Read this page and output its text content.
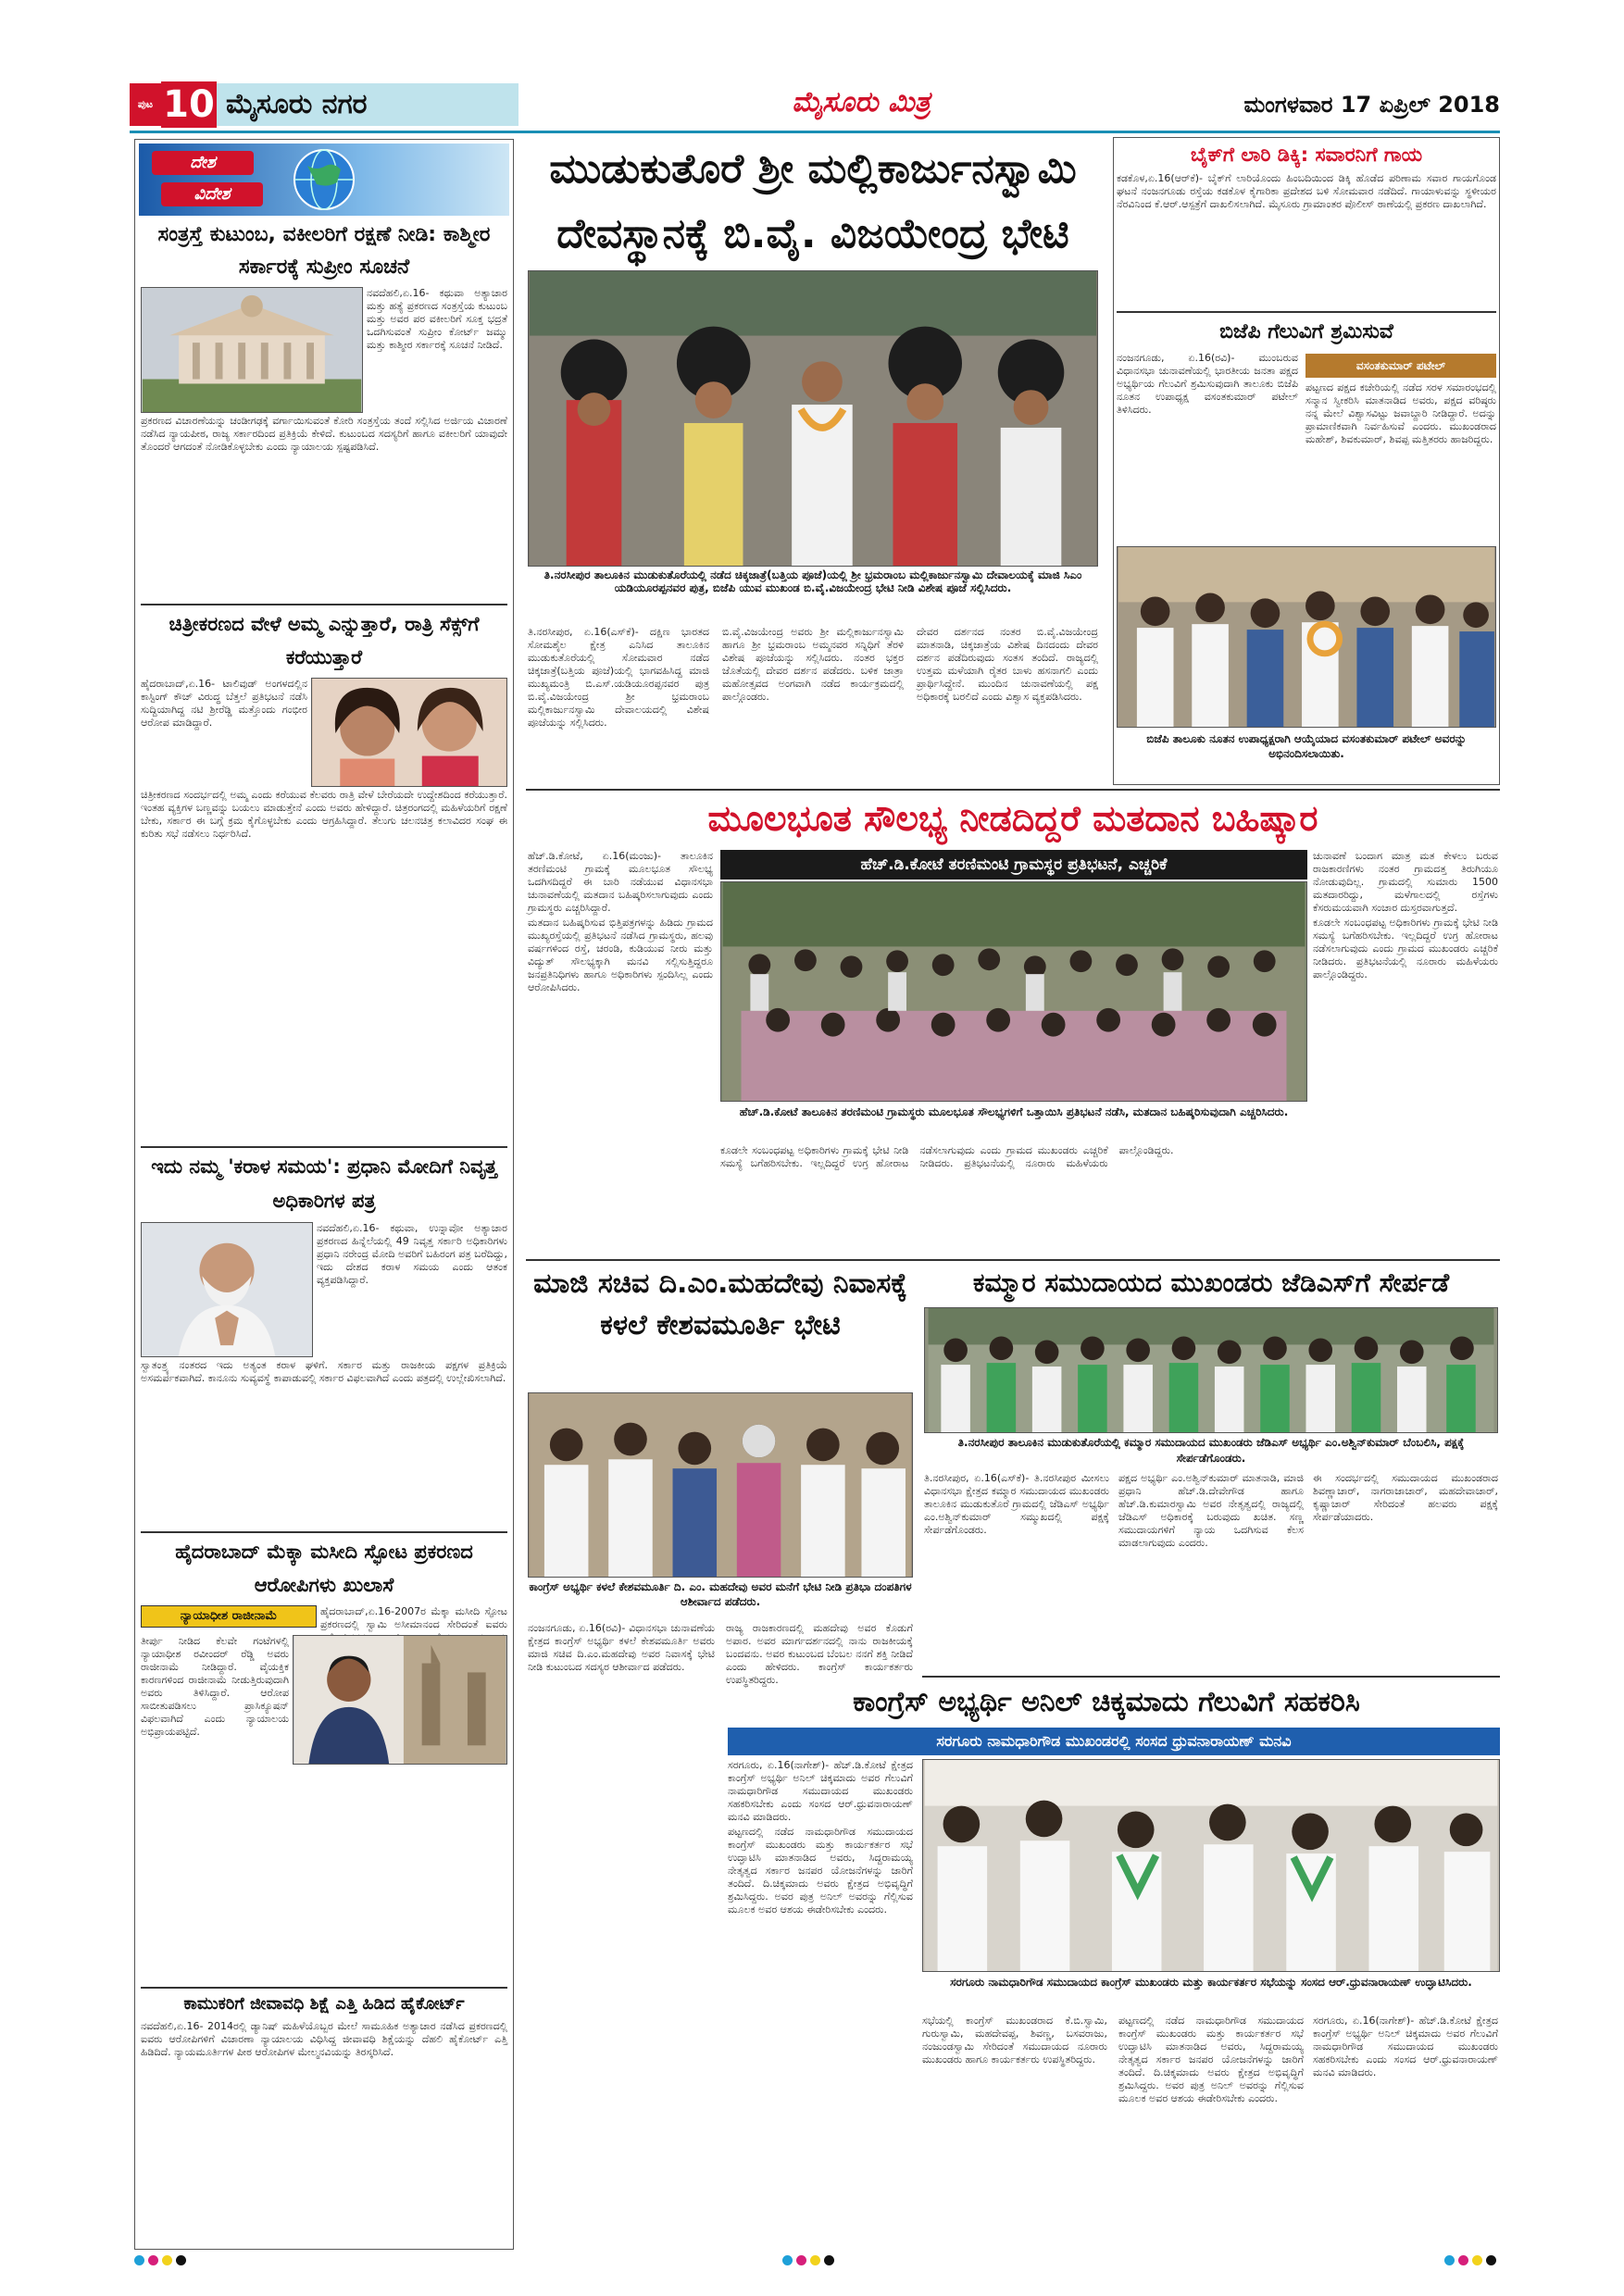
ಪುಟ 10 ಮೈಸೂರು ನಗರ	ಮೈಸೂರು ಮಿತ್ರ	ಮಂಗಳವಾರ 17 ಏಪ್ರಿಲ್ 2018
ದೇಶ
ವಿದೇಶ
ಸಂತ್ರಸ್ತೆ ಕುಟುಂಬ, ವಕೀಲರಿಗೆ ರಕ್ಷಣೆ ನೀಡಿ: ಕಾಶ್ಮೀರ ಸರ್ಕಾರಕ್ಕೆ ಸುಪ್ರೀಂ ಸೂಚನೆ

ನವದೆಹಲಿ,ಏ.16- ಕಥುವಾ ಅತ್ಯಾಚಾರ ಮತ್ತು ಹತ್ಯೆ ಪ್ರಕರಣದ ಸಂತ್ರಸ್ತೆಯ ಕುಟುಂಬ ಮತ್ತು ಅವರ ಪರ ವಕೀಲರಿಗೆ ಸೂಕ್ತ ಭದ್ರತೆ ಒದಗಿಸುವಂತೆ ಸುಪ್ರೀಂ ಕೋರ್ಟ್ ಜಮ್ಮು ಮತ್ತು ಕಾಶ್ಮೀರ ಸರ್ಕಾರಕ್ಕೆ ಸೂಚನೆ ನೀಡಿದೆ.

ಪ್ರಕರಣದ ವಿಚಾರಣೆಯನ್ನು ಚಂಡೀಗಢಕ್ಕೆ ವರ್ಗಾಯಿಸುವಂತೆ ಕೋರಿ ಸಂತ್ರಸ್ತೆಯ ತಂದೆ ಸಲ್ಲಿಸಿದ ಅರ್ಜಿಯ ವಿಚಾರಣೆ ನಡೆಸಿದ ನ್ಯಾಯಪೀಠ, ರಾಜ್ಯ ಸರ್ಕಾರದಿಂದ ಪ್ರತಿಕ್ರಿಯೆ ಕೇಳಿದೆ. ಕುಟುಂಬದ ಸದಸ್ಯರಿಗೆ ಹಾಗೂ ವಕೀಲರಿಗೆ ಯಾವುದೇ ತೊಂದರೆ ಆಗದಂತೆ ನೋಡಿಕೊಳ್ಳಬೇಕು ಎಂದು ನ್ಯಾಯಾಲಯ ಸ್ಪಷ್ಟಪಡಿಸಿದೆ.

ಚಿತ್ರೀಕರಣದ ವೇಳೆ ಅಮ್ಮ ಎನ್ನುತ್ತಾರೆ, ರಾತ್ರಿ ಸೆಕ್ಸ್‌ಗೆ ಕರೆಯುತ್ತಾರೆ

ಹೈದರಾಬಾದ್,ಏ.16- ಟಾಲಿವುಡ್ ಅಂಗಳದಲ್ಲಿನ ಕಾಸ್ಟಿಂಗ್ ಕೌಚ್ ವಿರುದ್ಧ ಬೆತ್ತಲೆ ಪ್ರತಿಭಟನೆ ನಡೆಸಿ ಸುದ್ದಿಯಾಗಿದ್ದ ನಟಿ ಶ್ರೀರೆಡ್ಡಿ ಮತ್ತೊಂದು ಗಂಭೀರ ಆರೋಪ ಮಾಡಿದ್ದಾರೆ.

ಚಿತ್ರೀಕರಣದ ಸಂದರ್ಭದಲ್ಲಿ ಅಮ್ಮ ಎಂದು ಕರೆಯುವ ಕೆಲವರು ರಾತ್ರಿ ವೇಳೆ ಬೇರೆಯದೇ ಉದ್ದೇಶದಿಂದ ಕರೆಯುತ್ತಾರೆ. ಇಂತಹ ವ್ಯಕ್ತಿಗಳ ಬಣ್ಣವನ್ನು ಬಯಲು ಮಾಡುತ್ತೇನೆ ಎಂದು ಅವರು ಹೇಳಿದ್ದಾರೆ. ಚಿತ್ರರಂಗದಲ್ಲಿ ಮಹಿಳೆಯರಿಗೆ ರಕ್ಷಣೆ ಬೇಕು, ಸರ್ಕಾರ ಈ ಬಗ್ಗೆ ಕ್ರಮ ಕೈಗೊಳ್ಳಬೇಕು ಎಂದು ಆಗ್ರಹಿಸಿದ್ದಾರೆ. ತೆಲುಗು ಚಲನಚಿತ್ರ ಕಲಾವಿದರ ಸಂಘ ಈ ಕುರಿತು ಸಭೆ ನಡೆಸಲು ನಿರ್ಧರಿಸಿದೆ.

ಇದು ನಮ್ಮ 'ಕರಾಳ ಸಮಯ': ಪ್ರಧಾನಿ ಮೋದಿಗೆ ನಿವೃತ್ತ ಅಧಿಕಾರಿಗಳ ಪತ್ರ

ನವದೆಹಲಿ,ಏ.16- ಕಥುವಾ, ಉನ್ನಾವೋ ಅತ್ಯಾಚಾರ ಪ್ರಕರಣದ ಹಿನ್ನೆಲೆಯಲ್ಲಿ 49 ನಿವೃತ್ತ ಸರ್ಕಾರಿ ಅಧಿಕಾರಿಗಳು ಪ್ರಧಾನಿ ನರೇಂದ್ರ ಮೋದಿ ಅವರಿಗೆ ಬಹಿರಂಗ ಪತ್ರ ಬರೆದಿದ್ದು, ಇದು ದೇಶದ ಕರಾಳ ಸಮಯ ಎಂದು ಆತಂಕ ವ್ಯಕ್ತಪಡಿಸಿದ್ದಾರೆ.

ಸ್ವಾತಂತ್ರ್ಯ ನಂತರದ ಇದು ಅತ್ಯಂತ ಕರಾಳ ಘಳಿಗೆ. ಸರ್ಕಾರ ಮತ್ತು ರಾಜಕೀಯ ಪಕ್ಷಗಳ ಪ್ರತಿಕ್ರಿಯೆ ಅಸಮರ್ಪಕವಾಗಿದೆ. ಕಾನೂನು ಸುವ್ಯವಸ್ಥೆ ಕಾಪಾಡುವಲ್ಲಿ ಸರ್ಕಾರ ವಿಫಲವಾಗಿದೆ ಎಂದು ಪತ್ರದಲ್ಲಿ ಉಲ್ಲೇಖಿಸಲಾಗಿದೆ.

ಹೈದರಾಬಾದ್ ಮೆಕ್ಕಾ ಮಸೀದಿ ಸ್ಫೋಟ ಪ್ರಕರಣದ ಆರೋಪಿಗಳು ಖುಲಾಸೆ
ನ್ಯಾಯಾಧೀಶ ರಾಜೀನಾಮೆ	ಹೈದರಾಬಾದ್,ಏ.16-2007ರ ಮೆಕ್ಕಾ ಮಸೀದಿ ಸ್ಫೋಟ ಪ್ರಕರಣದಲ್ಲಿ ಸ್ವಾಮಿ ಅಸೀಮಾನಂದ ಸೇರಿದಂತೆ ಐವರು

ತೀರ್ಪು ನೀಡಿದ ಕೆಲವೇ ಗಂಟೆಗಳಲ್ಲಿ ನ್ಯಾಯಾಧೀಶ ರವೀಂದರ್ ರೆಡ್ಡಿ ಅವರು ರಾಜೀನಾಮೆ ನೀಡಿದ್ದಾರೆ. ವೈಯಕ್ತಿಕ ಕಾರಣಗಳಿಂದ ರಾಜೀನಾಮೆ ನೀಡುತ್ತಿರುವುದಾಗಿ ಅವರು ತಿಳಿಸಿದ್ದಾರೆ. ಆರೋಪ ಸಾಬೀತುಪಡಿಸಲು ಪ್ರಾಸಿಕ್ಯೂಷನ್ ವಿಫಲವಾಗಿದೆ ಎಂದು ನ್ಯಾಯಾಲಯ ಅಭಿಪ್ರಾಯಪಟ್ಟಿದೆ.

ಕಾಮುಕರಿಗೆ ಜೀವಾವಧಿ ಶಿಕ್ಷೆ ಎತ್ತಿ ಹಿಡಿದ ಹೈಕೋರ್ಟ್

ನವದೆಹಲಿ,ಏ.16- 2014ರಲ್ಲಿ ಡ್ಯಾನಿಷ್ ಮಹಿಳೆಯೊಬ್ಬರ ಮೇಲೆ ಸಾಮೂಹಿಕ ಅತ್ಯಾಚಾರ ನಡೆಸಿದ ಪ್ರಕರಣದಲ್ಲಿ ಐವರು ಆರೋಪಿಗಳಿಗೆ ವಿಚಾರಣಾ ನ್ಯಾಯಾಲಯ ವಿಧಿಸಿದ್ದ ಜೀವಾವಧಿ ಶಿಕ್ಷೆಯನ್ನು ದೆಹಲಿ ಹೈಕೋರ್ಟ್ ಎತ್ತಿ ಹಿಡಿದಿದೆ. ನ್ಯಾಯಮೂರ್ತಿಗಳ ಪೀಠ ಆರೋಪಿಗಳ ಮೇಲ್ಮನವಿಯನ್ನು ತಿರಸ್ಕರಿಸಿದೆ.

ಮುಡುಕುತೊರೆ ಶ್ರೀ ಮಲ್ಲಿಕಾರ್ಜುನಸ್ವಾಮಿ ದೇವಸ್ಥಾನಕ್ಕೆ ಬಿ.ವೈ. ವಿಜಯೇಂದ್ರ ಭೇಟಿ
ತಿ.ನರಸೀಪುರ ತಾಲೂಕಿನ ಮುಡುಕುತೊರೆಯಲ್ಲಿ ನಡೆದ ಚಿಕ್ಕಜಾತ್ರೆ(ಬತ್ತಿಯ ಪೂಜೆ)ಯಲ್ಲಿ ಶ್ರೀ ಭ್ರಮರಾಂಬ ಮಲ್ಲಿಕಾರ್ಜುನಸ್ವಾಮಿ ದೇವಾಲಯಕ್ಕೆ ಮಾಜಿ ಸಿಎಂ ಯಡಿಯೂರಪ್ಪನವರ ಪುತ್ರ, ಬಿಜೆಪಿ ಯುವ ಮುಖಂಡ ಬಿ.ವೈ.ವಿಜಯೇಂದ್ರ ಭೇಟಿ ನೀಡಿ ವಿಶೇಷ ಪೂಜೆ ಸಲ್ಲಿಸಿದರು.

ತಿ.ನರಸೀಪುರ, ಏ.16(ಎಸ್‌ಕೆ)- ದಕ್ಷಿಣ ಭಾರತದ ಸೋಮಶೈಲ ಕ್ಷೇತ್ರ ಎನಿಸಿದ ತಾಲೂಕಿನ ಮುಡುಕುತೊರೆಯಲ್ಲಿ ಸೋಮವಾರ ನಡೆದ ಚಿಕ್ಕಜಾತ್ರೆ(ಬತ್ತಿಯ ಪೂಜೆ)ಯಲ್ಲಿ ಭಾಗವಹಿಸಿದ್ದ ಮಾಜಿ ಮುಖ್ಯಮಂತ್ರಿ ಬಿ.ಎಸ್.ಯಡಿಯೂರಪ್ಪನವರ ಪುತ್ರ ಬಿ.ವೈ.ವಿಜಯೇಂದ್ರ ಶ್ರೀ ಭ್ರಮರಾಂಬ ಮಲ್ಲಿಕಾರ್ಜುನಸ್ವಾಮಿ ದೇವಾಲಯದಲ್ಲಿ ವಿಶೇಷ ಪೂಜೆಯನ್ನು ಸಲ್ಲಿಸಿದರು.

ಬಿ.ವೈ.ವಿಜಯೇಂದ್ರ ಅವರು ಶ್ರೀ ಮಲ್ಲಿಕಾರ್ಜುನಸ್ವಾಮಿ ಹಾಗೂ ಶ್ರೀ ಭ್ರಮರಾಂಬ ಅಮ್ಮನವರ ಸನ್ನಿಧಿಗೆ ತೆರಳಿ ವಿಶೇಷ ಪೂಜೆಯನ್ನು ಸಲ್ಲಿಸಿದರು. ನಂತರ ಭಕ್ತರ ಜೊತೆಯಲ್ಲಿ ದೇವರ ದರ್ಶನ ಪಡೆದರು. ಬಳಿಕ ಜಾತ್ರಾ ಮಹೋತ್ಸವದ ಅಂಗವಾಗಿ ನಡೆದ ಕಾರ್ಯಕ್ರಮದಲ್ಲಿ ಪಾಲ್ಗೊಂಡರು.

ದೇವರ ದರ್ಶನದ ನಂತರ ಬಿ.ವೈ.ವಿಜಯೇಂದ್ರ ಮಾತನಾಡಿ, ಚಿಕ್ಕಜಾತ್ರೆಯ ವಿಶೇಷ ದಿನದಂದು ದೇವರ ದರ್ಶನ ಪಡೆದಿರುವುದು ಸಂತಸ ತಂದಿದೆ. ರಾಜ್ಯದಲ್ಲಿ ಉತ್ತಮ ಮಳೆಯಾಗಿ ರೈತರ ಬಾಳು ಹಸನಾಗಲಿ ಎಂದು ಪ್ರಾರ್ಥಿಸಿದ್ದೇನೆ. ಮುಂದಿನ ಚುನಾವಣೆಯಲ್ಲಿ ಪಕ್ಷ ಅಧಿಕಾರಕ್ಕೆ ಬರಲಿದೆ ಎಂದು ವಿಶ್ವಾಸ ವ್ಯಕ್ತಪಡಿಸಿದರು.

ಬೈಕ್‌ಗೆ ಲಾರಿ ಡಿಕ್ಕಿ: ಸವಾರನಿಗೆ ಗಾಯ

ಕಡಕೊಳ,ಏ.16(ಆರ್‌ಕೆ)- ಬೈಕ್‌ಗೆ ಲಾರಿಯೊಂದು ಹಿಂಬದಿಯಿಂದ ಡಿಕ್ಕಿ ಹೊಡೆದ ಪರಿಣಾಮ ಸವಾರ ಗಾಯಗೊಂಡ ಘಟನೆ ನಂಜನಗೂಡು ರಸ್ತೆಯ ಕಡಕೊಳ ಕೈಗಾರಿಕಾ ಪ್ರದೇಶದ ಬಳಿ ಸೋಮವಾರ ನಡೆದಿದೆ. ಗಾಯಾಳುವನ್ನು ಸ್ಥಳೀಯರ ನೆರವಿನಿಂದ ಕೆ.ಆರ್.ಆಸ್ಪತ್ರೆಗೆ ದಾಖಲಿಸಲಾಗಿದೆ. ಮೈಸೂರು ಗ್ರಾಮಾಂತರ ಪೊಲೀಸ್ ಠಾಣೆಯಲ್ಲಿ ಪ್ರಕರಣ ದಾಖಲಾಗಿದೆ.

ಬಿಜೆಪಿ ಗೆಲುವಿಗೆ ಶ್ರಮಿಸುವೆ

ನಂಜನಗೂಡು, ಏ.16(ರವಿ)- ಮುಂಬರುವ ವಿಧಾನಸಭಾ ಚುನಾವಣೆಯಲ್ಲಿ ಭಾರತೀಯ ಜನತಾ ಪಕ್ಷದ ಅಭ್ಯರ್ಥಿಯ ಗೆಲುವಿಗೆ ಶ್ರಮಿಸುವುದಾಗಿ ತಾಲೂಕು ಬಿಜೆಪಿ ನೂತನ ಉಪಾಧ್ಯಕ್ಷ ವಸಂತಕುಮಾರ್ ಪಟೇಲ್ ತಿಳಿಸಿದರು.

ವಸಂತಕುಮಾರ್ ಪಟೇಲ್

ಪಟ್ಟಣದ ಪಕ್ಷದ ಕಚೇರಿಯಲ್ಲಿ ನಡೆದ ಸರಳ ಸಮಾರಂಭದಲ್ಲಿ ಸನ್ಮಾನ ಸ್ವೀಕರಿಸಿ ಮಾತನಾಡಿದ ಅವರು, ಪಕ್ಷದ ವರಿಷ್ಠರು ನನ್ನ ಮೇಲೆ ವಿಶ್ವಾಸವಿಟ್ಟು ಜವಾಬ್ದಾರಿ ನೀಡಿದ್ದಾರೆ. ಅದನ್ನು ಪ್ರಾಮಾಣಿಕವಾಗಿ ನಿರ್ವಹಿಸುವೆ ಎಂದರು. ಮುಖಂಡರಾದ ಮಹೇಶ್, ಶಿವಕುಮಾರ್, ಶಿವಪ್ಪ ಮತ್ತಿತರರು ಹಾಜರಿದ್ದರು.

ಬಿಜೆಪಿ ತಾಲೂಕು ನೂತನ ಉಪಾಧ್ಯಕ್ಷರಾಗಿ ಆಯ್ಕೆಯಾದ ವಸಂತಕುಮಾರ್ ಪಟೇಲ್ ಅವರನ್ನು ಅಭಿನಂದಿಸಲಾಯಿತು.
ಮೂಲಭೂತ ಸೌಲಭ್ಯ ನೀಡದಿದ್ದರೆ ಮತದಾನ ಬಹಿಷ್ಕಾರ

ಹೆಚ್.ಡಿ.ಕೋಟೆ, ಏ.16(ಮಂಜು)- ತಾಲೂಕಿನ ತರಣಿಮಂಟಿ ಗ್ರಾಮಕ್ಕೆ ಮೂಲಭೂತ ಸೌಲಭ್ಯ ಒದಗಿಸದಿದ್ದರೆ ಈ ಬಾರಿ ನಡೆಯುವ ವಿಧಾನಸಭಾ ಚುನಾವಣೆಯಲ್ಲಿ ಮತದಾನ ಬಹಿಷ್ಕರಿಸಲಾಗುವುದು ಎಂದು ಗ್ರಾಮಸ್ಥರು ಎಚ್ಚರಿಸಿದ್ದಾರೆ.

ಮತದಾನ ಬಹಿಷ್ಕರಿಸುವ ಭಿತ್ತಿಪತ್ರಗಳನ್ನು ಹಿಡಿದು ಗ್ರಾಮದ ಮುಖ್ಯರಸ್ತೆಯಲ್ಲಿ ಪ್ರತಿಭಟನೆ ನಡೆಸಿದ ಗ್ರಾಮಸ್ಥರು, ಹಲವು ವರ್ಷಗಳಿಂದ ರಸ್ತೆ, ಚರಂಡಿ, ಕುಡಿಯುವ ನೀರು ಮತ್ತು ವಿದ್ಯುತ್ ಸೌಲಭ್ಯಕ್ಕಾಗಿ ಮನವಿ ಸಲ್ಲಿಸುತ್ತಿದ್ದರೂ ಜನಪ್ರತಿನಿಧಿಗಳು ಹಾಗೂ ಅಧಿಕಾರಿಗಳು ಸ್ಪಂದಿಸಿಲ್ಲ ಎಂದು ಆರೋಪಿಸಿದರು.

ಹೆಚ್.ಡಿ.ಕೋಟೆ ತರಣಿಮಂಟಿ ಗ್ರಾಮಸ್ಥರ ಪ್ರತಿಭಟನೆ, ಎಚ್ಚರಿಕೆ
ಹೆಚ್.ಡಿ.ಕೋಟೆ ತಾಲೂಕಿನ ತರಣಿಮಂಟಿ ಗ್ರಾಮಸ್ಥರು ಮೂಲಭೂತ ಸೌಲಭ್ಯಗಳಿಗೆ ಒತ್ತಾಯಿಸಿ ಪ್ರತಿಭಟನೆ ನಡೆಸಿ, ಮತದಾನ ಬಹಿಷ್ಕರಿಸುವುದಾಗಿ ಎಚ್ಚರಿಸಿದರು.

ಚುನಾವಣೆ ಬಂದಾಗ ಮಾತ್ರ ಮತ ಕೇಳಲು ಬರುವ ರಾಜಕಾರಣಿಗಳು ನಂತರ ಗ್ರಾಮದತ್ತ ತಿರುಗಿಯೂ ನೋಡುವುದಿಲ್ಲ. ಗ್ರಾಮದಲ್ಲಿ ಸುಮಾರು 1500 ಮತದಾರರಿದ್ದು, ಮಳೆಗಾಲದಲ್ಲಿ ರಸ್ತೆಗಳು ಕೆಸರುಮಯವಾಗಿ ಸಂಚಾರ ದುಸ್ತರವಾಗುತ್ತದೆ.

ಕೂಡಲೇ ಸಂಬಂಧಪಟ್ಟ ಅಧಿಕಾರಿಗಳು ಗ್ರಾಮಕ್ಕೆ ಭೇಟಿ ನೀಡಿ ಸಮಸ್ಯೆ ಬಗೆಹರಿಸಬೇಕು. ಇಲ್ಲದಿದ್ದರೆ ಉಗ್ರ ಹೋರಾಟ ನಡೆಸಲಾಗುವುದು ಎಂದು ಗ್ರಾಮದ ಮುಖಂಡರು ಎಚ್ಚರಿಕೆ ನೀಡಿದರು. ಪ್ರತಿಭಟನೆಯಲ್ಲಿ ನೂರಾರು ಮಹಿಳೆಯರು ಪಾಲ್ಗೊಂಡಿದ್ದರು.

ಕೂಡಲೇ ಸಂಬಂಧಪಟ್ಟ ಅಧಿಕಾರಿಗಳು ಗ್ರಾಮಕ್ಕೆ ಭೇಟಿ ನೀಡಿ ಸಮಸ್ಯೆ ಬಗೆಹರಿಸಬೇಕು. ಇಲ್ಲದಿದ್ದರೆ ಉಗ್ರ ಹೋರಾಟ ನಡೆಸಲಾಗುವುದು ಎಂದು ಗ್ರಾಮದ ಮುಖಂಡರು ಎಚ್ಚರಿಕೆ ನೀಡಿದರು. ಪ್ರತಿಭಟನೆಯಲ್ಲಿ ನೂರಾರು ಮಹಿಳೆಯರು ಪಾಲ್ಗೊಂಡಿದ್ದರು.

ಮಾಜಿ ಸಚಿವ ದಿ.ಎಂ.ಮಹದೇವು ನಿವಾಸಕ್ಕೆ ಕಳಲೆ ಕೇಶವಮೂರ್ತಿ ಭೇಟಿ
ಕಾಂಗ್ರೆಸ್ ಅಭ್ಯರ್ಥಿ ಕಳಲೆ ಕೇಶವಮೂರ್ತಿ ದಿ. ಎಂ. ಮಹದೇವು ಅವರ ಮನೆಗೆ ಭೇಟಿ ನೀಡಿ ಪ್ರತಿಭಾ ದಂಪತಿಗಳ ಆಶೀರ್ವಾದ ಪಡೆದರು.

ನಂಜನಗೂಡು, ಏ.16(ರವಿ)- ವಿಧಾನಸಭಾ ಚುನಾವಣೆಯ ಕ್ಷೇತ್ರದ ಕಾಂಗ್ರೆಸ್ ಅಭ್ಯರ್ಥಿ ಕಳಲೆ ಕೇಶವಮೂರ್ತಿ ಅವರು ಮಾಜಿ ಸಚಿವ ದಿ.ಎಂ.ಮಹದೇವು ಅವರ ನಿವಾಸಕ್ಕೆ ಭೇಟಿ ನೀಡಿ ಕುಟುಂಬದ ಸದಸ್ಯರ ಆಶೀರ್ವಾದ ಪಡೆದರು.

ರಾಜ್ಯ ರಾಜಕಾರಣದಲ್ಲಿ ಮಹದೇವು ಅವರ ಕೊಡುಗೆ ಅಪಾರ. ಅವರ ಮಾರ್ಗದರ್ಶನದಲ್ಲಿ ನಾನು ರಾಜಕೀಯಕ್ಕೆ ಬಂದವನು. ಅವರ ಕುಟುಂಬದ ಬೆಂಬಲ ನನಗೆ ಶಕ್ತಿ ನೀಡಿದೆ ಎಂದು ಹೇಳಿದರು. ಕಾಂಗ್ರೆಸ್ ಕಾರ್ಯಕರ್ತರು ಉಪಸ್ಥಿತರಿದ್ದರು.

ಕಮ್ಮಾರ ಸಮುದಾಯದ ಮುಖಂಡರು ಜೆಡಿಎಸ್‌ಗೆ ಸೇರ್ಪಡೆ
ತಿ.ನರಸೀಪುರ ತಾಲೂಕಿನ ಮುಡುಕುತೊರೆಯಲ್ಲಿ ಕಮ್ಮಾರ ಸಮುದಾಯದ ಮುಖಂಡರು ಜೆಡಿಎಸ್ ಅಭ್ಯರ್ಥಿ ಎಂ.ಅಶ್ವಿನ್‌ಕುಮಾರ್ ಬೆಂಬಲಿಸಿ, ಪಕ್ಷಕ್ಕೆ ಸೇರ್ಪಡೆಗೊಂಡರು.

ತಿ.ನರಸೀಪುರ, ಏ.16(ಎಸ್‌ಕೆ)- ತಿ.ನರಸೀಪುರ ಮೀಸಲು ವಿಧಾನಸಭಾ ಕ್ಷೇತ್ರದ ಕಮ್ಮಾರ ಸಮುದಾಯದ ಮುಖಂಡರು ತಾಲೂಕಿನ ಮುಡುಕುತೊರೆ ಗ್ರಾಮದಲ್ಲಿ ಜೆಡಿಎಸ್ ಅಭ್ಯರ್ಥಿ ಎಂ.ಅಶ್ವಿನ್‌ಕುಮಾರ್ ಸಮ್ಮುಖದಲ್ಲಿ ಪಕ್ಷಕ್ಕೆ ಸೇರ್ಪಡೆಗೊಂಡರು.

ಪಕ್ಷದ ಅಭ್ಯರ್ಥಿ ಎಂ.ಅಶ್ವಿನ್‌ಕುಮಾರ್ ಮಾತನಾಡಿ, ಮಾಜಿ ಪ್ರಧಾನಿ ಹೆಚ್.ಡಿ.ದೇವೇಗೌಡ ಹಾಗೂ ಹೆಚ್.ಡಿ.ಕುಮಾರಸ್ವಾಮಿ ಅವರ ನೇತೃತ್ವದಲ್ಲಿ ರಾಜ್ಯದಲ್ಲಿ ಜೆಡಿಎಸ್ ಅಧಿಕಾರಕ್ಕೆ ಬರುವುದು ಖಚಿತ. ಸಣ್ಣ ಸಮುದಾಯಗಳಿಗೆ ನ್ಯಾಯ ಒದಗಿಸುವ ಕೆಲಸ ಮಾಡಲಾಗುವುದು ಎಂದರು.

ಈ ಸಂದರ್ಭದಲ್ಲಿ ಸಮುದಾಯದ ಮುಖಂಡರಾದ ಶಿವಣ್ಣಾಚಾರ್, ನಾಗರಾಜಾಚಾರ್, ಮಹದೇವಾಚಾರ್, ಕೃಷ್ಣಾಚಾರ್ ಸೇರಿದಂತೆ ಹಲವರು ಪಕ್ಷಕ್ಕೆ ಸೇರ್ಪಡೆಯಾದರು.

ಕಾಂಗ್ರೆಸ್ ಅಭ್ಯರ್ಥಿ ಅನಿಲ್ ಚಿಕ್ಕಮಾದು ಗೆಲುವಿಗೆ ಸಹಕರಿಸಿ
ಸರಗೂರು ನಾಮಧಾರಿಗೌಡ ಮುಖಂಡರಲ್ಲಿ ಸಂಸದ ಧ್ರುವನಾರಾಯಣ್ ಮನವಿ

ಸರಗೂರು, ಏ.16(ನಾಗೇಶ್)- ಹೆಚ್.ಡಿ.ಕೋಟೆ ಕ್ಷೇತ್ರದ ಕಾಂಗ್ರೆಸ್ ಅಭ್ಯರ್ಥಿ ಅನಿಲ್ ಚಿಕ್ಕಮಾದು ಅವರ ಗೆಲುವಿಗೆ ನಾಮಧಾರಿಗೌಡ ಸಮುದಾಯದ ಮುಖಂಡರು ಸಹಕರಿಸಬೇಕು ಎಂದು ಸಂಸದ ಆರ್.ಧ್ರುವನಾರಾಯಣ್ ಮನವಿ ಮಾಡಿದರು.

ಪಟ್ಟಣದಲ್ಲಿ ನಡೆದ ನಾಮಧಾರಿಗೌಡ ಸಮುದಾಯದ ಕಾಂಗ್ರೆಸ್ ಮುಖಂಡರು ಮತ್ತು ಕಾರ್ಯಕರ್ತರ ಸಭೆ ಉದ್ಘಾಟಿಸಿ ಮಾತನಾಡಿದ ಅವರು, ಸಿದ್ದರಾಮಯ್ಯ ನೇತೃತ್ವದ ಸರ್ಕಾರ ಜನಪರ ಯೋಜನೆಗಳನ್ನು ಜಾರಿಗೆ ತಂದಿದೆ. ದಿ.ಚಿಕ್ಕಮಾದು ಅವರು ಕ್ಷೇತ್ರದ ಅಭಿವೃದ್ಧಿಗೆ ಶ್ರಮಿಸಿದ್ದರು. ಅವರ ಪುತ್ರ ಅನಿಲ್ ಅವರನ್ನು ಗೆಲ್ಲಿಸುವ ಮೂಲಕ ಅವರ ಆಶಯ ಈಡೇರಿಸಬೇಕು ಎಂದರು.

ಸರಗೂರು ನಾಮಧಾರಿಗೌಡ ಸಮುದಾಯದ ಕಾಂಗ್ರೆಸ್ ಮುಖಂಡರು ಮತ್ತು ಕಾರ್ಯಕರ್ತರ ಸಭೆಯನ್ನು ಸಂಸದ ಆರ್.ಧ್ರುವನಾರಾಯಣ್ ಉದ್ಘಾಟಿಸಿದರು.

ಸಭೆಯಲ್ಲಿ ಕಾಂಗ್ರೆಸ್ ಮುಖಂಡರಾದ ಕೆ.ಬಿ.ಸ್ವಾಮಿ, ಗುರುಸ್ವಾಮಿ, ಮಹದೇವಪ್ಪ, ಶಿವಣ್ಣ, ಬಸವರಾಜು, ನಂಜುಂಡಸ್ವಾಮಿ ಸೇರಿದಂತೆ ಸಮುದಾಯದ ನೂರಾರು ಮುಖಂಡರು ಹಾಗೂ ಕಾರ್ಯಕರ್ತರು ಉಪಸ್ಥಿತರಿದ್ದರು.

ಪಟ್ಟಣದಲ್ಲಿ ನಡೆದ ನಾಮಧಾರಿಗೌಡ ಸಮುದಾಯದ ಕಾಂಗ್ರೆಸ್ ಮುಖಂಡರು ಮತ್ತು ಕಾರ್ಯಕರ್ತರ ಸಭೆ ಉದ್ಘಾಟಿಸಿ ಮಾತನಾಡಿದ ಅವರು, ಸಿದ್ದರಾಮಯ್ಯ ನೇತೃತ್ವದ ಸರ್ಕಾರ ಜನಪರ ಯೋಜನೆಗಳನ್ನು ಜಾರಿಗೆ ತಂದಿದೆ. ದಿ.ಚಿಕ್ಕಮಾದು ಅವರು ಕ್ಷೇತ್ರದ ಅಭಿವೃದ್ಧಿಗೆ ಶ್ರಮಿಸಿದ್ದರು. ಅವರ ಪುತ್ರ ಅನಿಲ್ ಅವರನ್ನು ಗೆಲ್ಲಿಸುವ ಮೂಲಕ ಅವರ ಆಶಯ ಈಡೇರಿಸಬೇಕು ಎಂದರು.

ಸರಗೂರು, ಏ.16(ನಾಗೇಶ್)- ಹೆಚ್.ಡಿ.ಕೋಟೆ ಕ್ಷೇತ್ರದ ಕಾಂಗ್ರೆಸ್ ಅಭ್ಯರ್ಥಿ ಅನಿಲ್ ಚಿಕ್ಕಮಾದು ಅವರ ಗೆಲುವಿಗೆ ನಾಮಧಾರಿಗೌಡ ಸಮುದಾಯದ ಮುಖಂಡರು ಸಹಕರಿಸಬೇಕು ಎಂದು ಸಂಸದ ಆರ್.ಧ್ರುವನಾರಾಯಣ್ ಮನವಿ ಮಾಡಿದರು.
